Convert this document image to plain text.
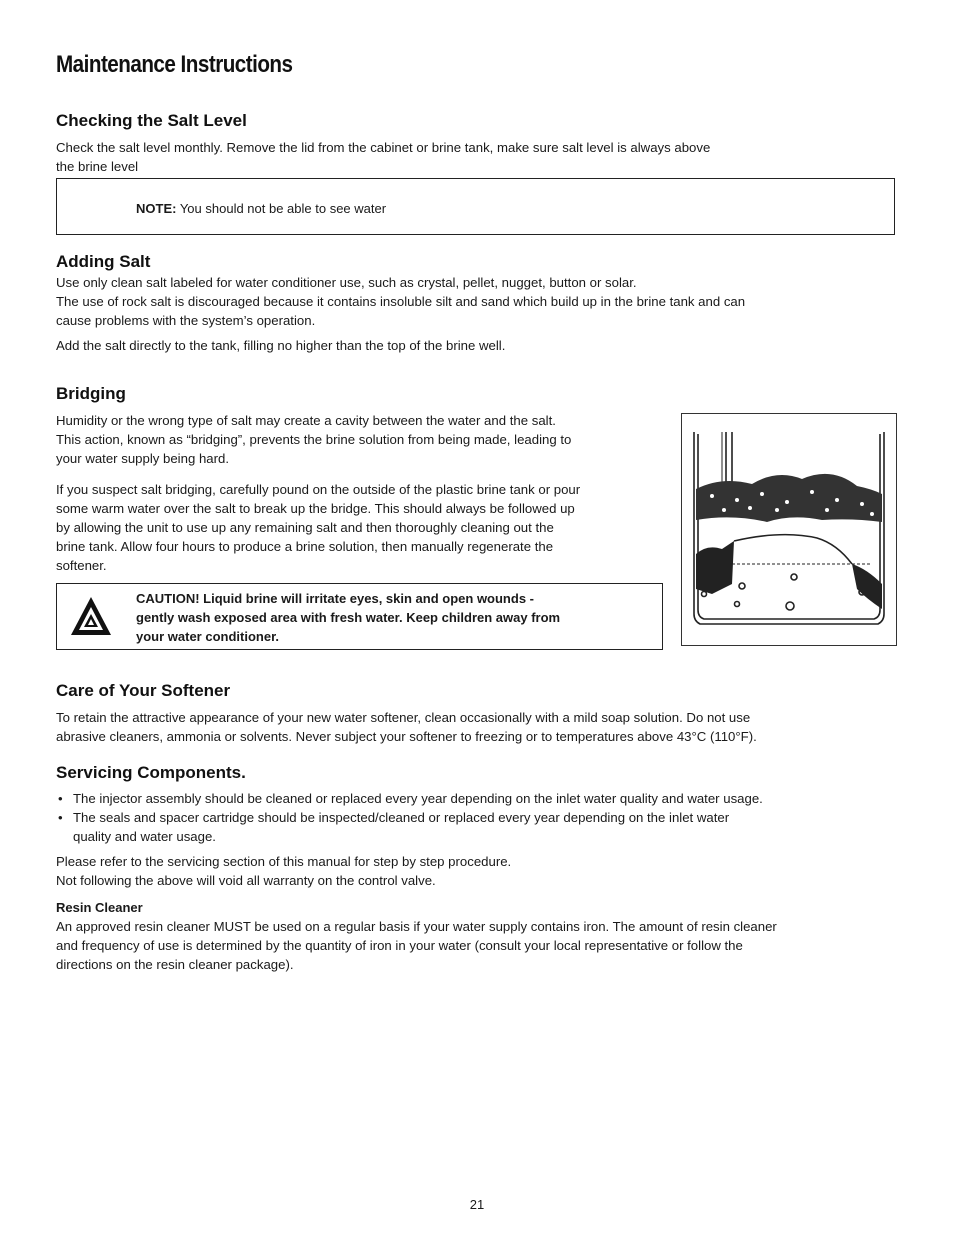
Maintenance Instructions
Checking the Salt Level

Check the salt level monthly. Remove the lid from the cabinet or brine tank, make sure salt level is always above

the brine level

NOTE: You should not be able to see water
Adding Salt

Use only clean salt labeled for water conditioner use, such as crystal, pellet, nugget, button or solar.

The use of rock salt is discouraged because it contains insoluble silt and sand which build up in the brine tank and can

cause problems with the system’s operation.

Add the salt directly to the tank, filling no higher than the top of the brine well.

Bridging

Humidity or the wrong type of salt may create a cavity between the water and the salt.

This action, known as “bridging”, prevents the brine solution from being made, leading to

your water supply being hard.

If you suspect salt bridging, carefully pound on the outside of the plastic brine tank or pour

some warm water over the salt to break up the bridge. This should always be followed up

by allowing the unit to use up any remaining salt and then thoroughly cleaning out the

brine tank. Allow four hours to produce a brine solution, then manually regenerate the

softener.

CAUTION! Liquid brine will irritate eyes, skin and open wounds -

gently wash exposed area with fresh water. Keep children away from

your water conditioner.

Care of Your Softener

To retain the attractive appearance of your new water softener, clean occasionally with a mild soap solution. Do not use

abrasive cleaners, ammonia or solvents. Never subject your softener to freezing or to temperatures above 43°C (110°F).

Servicing Components.
• The injector assembly should be cleaned or replaced every year depending on the inlet water quality and water usage.
• The seals and spacer cartridge should be inspected/cleaned or replaced every year depending on the inlet water
quality and water usage.

Please refer to the servicing section of this manual for step by step procedure.

Not following the above will void all warranty on the control valve.

Resin Cleaner

An approved resin cleaner MUST be used on a regular basis if your water supply contains iron. The amount of resin cleaner

and frequency of use is determined by the quantity of iron in your water (consult your local representative or follow the

directions on the resin cleaner package).

21
